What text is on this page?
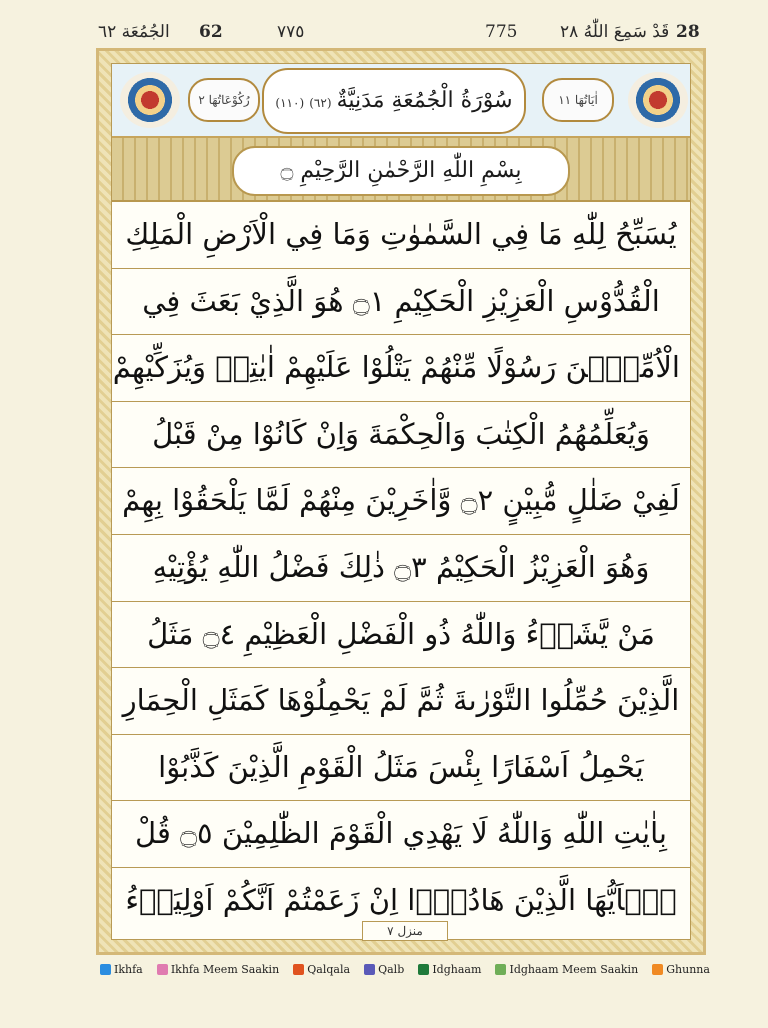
28
قَدْ سَمِعَ اللّٰهُ ٢٨
775
٧٧٥
62
الجُمُعَة ٦٢
رُكُوْعَاتُهَا ٢	(١١٠) سُوْرَةُ الْجُمُعَةِ مَدَنِيَّةٌ (٦٢)	اٰيَاتُهَا ١١
بِسْمِ اللّٰهِ الرَّحْمٰنِ الرَّحِيْمِ ۝
يُسَبِّحُ لِلّٰهِ مَا فِي السَّمٰوٰتِ وَمَا فِي الْاَرْضِ الْمَلِكِ
الْقُدُّوْسِ الْعَزِيْزِ الْحَكِيْمِ ۝١ هُوَ الَّذِيْ بَعَثَ فِي
الْاُمِّيّٖنَ رَسُوْلًا مِّنْهُمْ يَتْلُوْا عَلَيْهِمْ اٰيٰتِهٖ وَيُزَكِّيْهِمْ
وَيُعَلِّمُهُمُ الْكِتٰبَ وَالْحِكْمَةَ وَاِنْ كَانُوْا مِنْ قَبْلُ
لَفِيْ ضَلٰلٍ مُّبِيْنٍ ۝٢ وَّاٰخَرِيْنَ مِنْهُمْ لَمَّا يَلْحَقُوْا بِهِمْ
وَهُوَ الْعَزِيْزُ الْحَكِيْمُ ۝٣ ذٰلِكَ فَضْلُ اللّٰهِ يُؤْتِيْهِ
مَنْ يَّشَاۤءُ وَاللّٰهُ ذُو الْفَضْلِ الْعَظِيْمِ ۝٤ مَثَلُ
الَّذِيْنَ حُمِّلُوا التَّوْرٰىةَ ثُمَّ لَمْ يَحْمِلُوْهَا كَمَثَلِ الْحِمَارِ
يَحْمِلُ اَسْفَارًا بِئْسَ مَثَلُ الْقَوْمِ الَّذِيْنَ كَذَّبُوْا
بِاٰيٰتِ اللّٰهِ وَاللّٰهُ لَا يَهْدِي الْقَوْمَ الظّٰلِمِيْنَ ۝٥ قُلْ
يٰۤاَيُّهَا الَّذِيْنَ هَادُوْۤا اِنْ زَعَمْتُمْ اَنَّكُمْ اَوْلِيَاۤءُ
منزل ٧
Ikhfa	Ikhfa Meem Saakin	Qalqala	Qalb	Idghaam	Idghaam Meem Saakin	Ghunna
